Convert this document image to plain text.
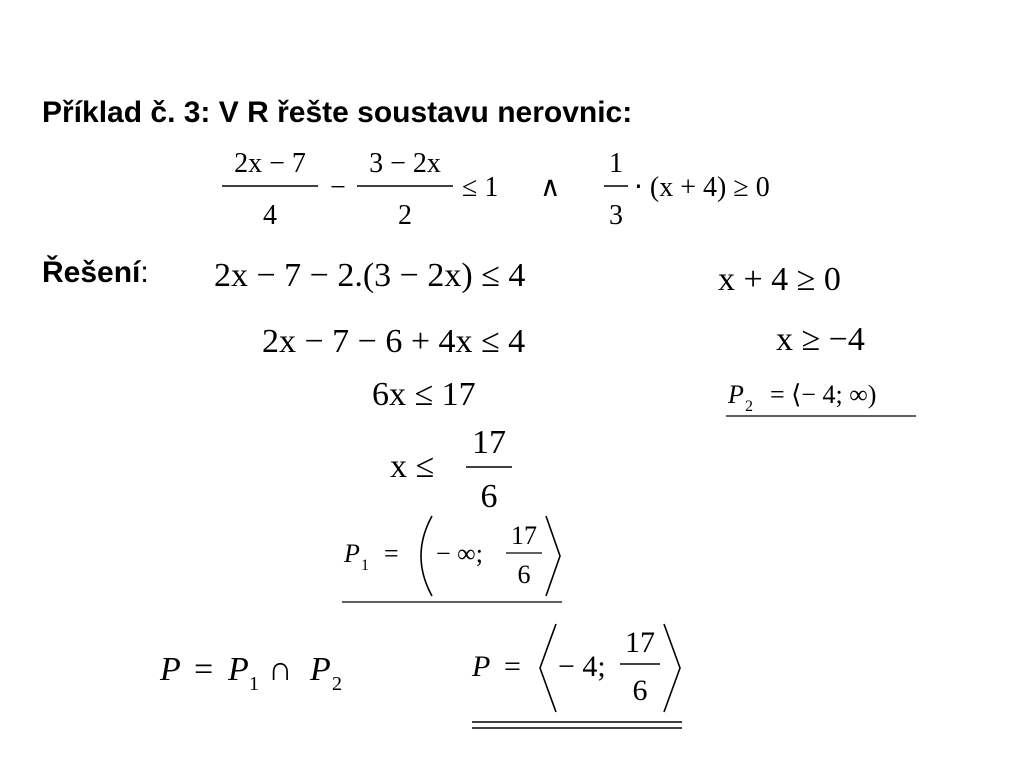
Příklad č. 3: V R řešte soustavu nerovnic:
Řešení:
2x − 7
4
−
3 − 2x
2
≤ 1 ∧
1
3
⋅ (x + 4) ≥ 0
2x − 7 − 2.(3 − 2x) ≤ 4
2x − 7 − 6 + 4x ≤ 4
6x ≤ 17
x ≤
17
6
P 1 = − ∞;
17
6
x + 4 ≥ 0
x ≥ −4
P 2 = ⟨− 4; ∞)
P = P 1 ∩ P 2
P = − 4;
17
6
